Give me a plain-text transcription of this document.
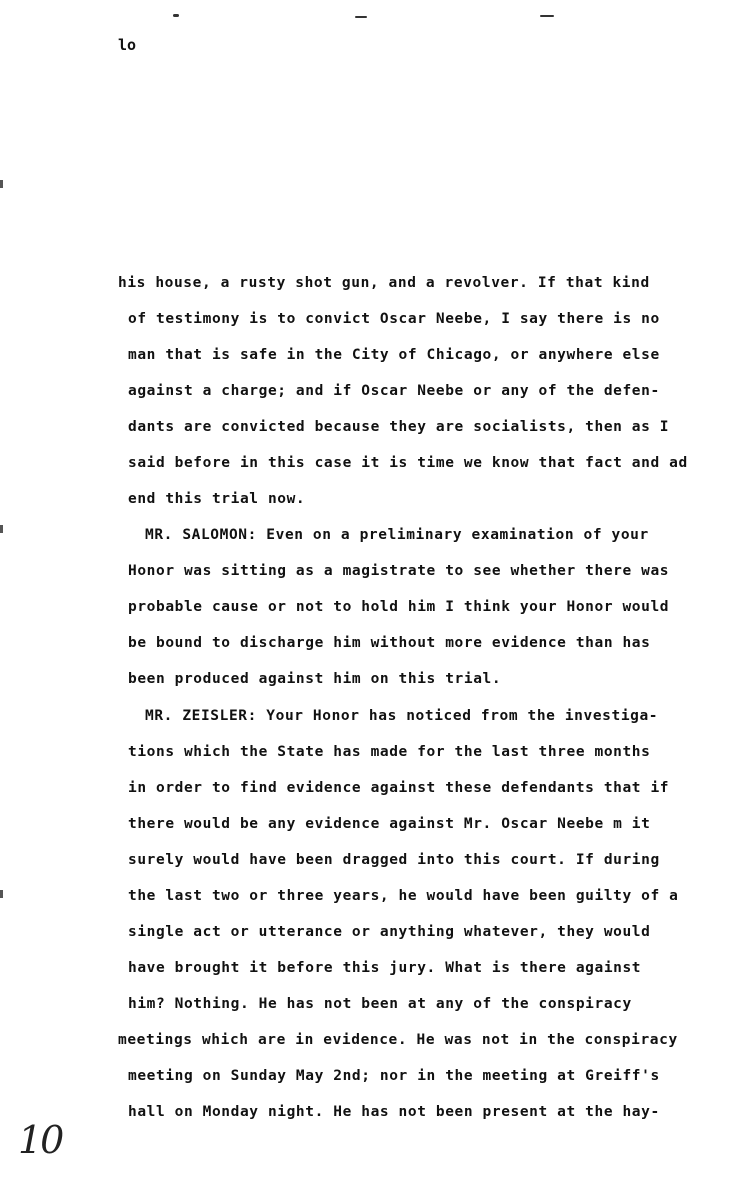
lo
his house, a rusty shot gun, and a revolver. If that kind
of testimony is to convict Oscar Neebe, I say there is no
man that is safe in the City of Chicago, or anywhere else
against a charge; and if Oscar Neebe or any of the defen-
dants are convicted because they are socialists, then as I
said before in this case it is time we know that fact and ad
end this trial now.
MR. SALOMON: Even on a preliminary examination of your
Honor was sitting as a magistrate to see whether there was
probable cause or not to hold him I think your Honor would
be bound to discharge him without more evidence than has
been produced against him on this trial.
MR. ZEISLER: Your Honor has noticed from the investiga-
tions which the State has made for the last three months
in order to find evidence against these defendants that if
there would be any evidence against Mr. Oscar Neebe m it
surely would have been dragged into this court. If during
the last two or three years, he would have been guilty of a
single act or utterance or anything whatever, they would
have brought it before this jury. What is there against
him? Nothing. He has not been at any of the conspiracy
meetings which are in evidence. He was not in the conspiracy
meeting on Sunday May 2nd; nor in the meeting at Greiff's
hall on Monday night. He has not been present at the hay-
10
